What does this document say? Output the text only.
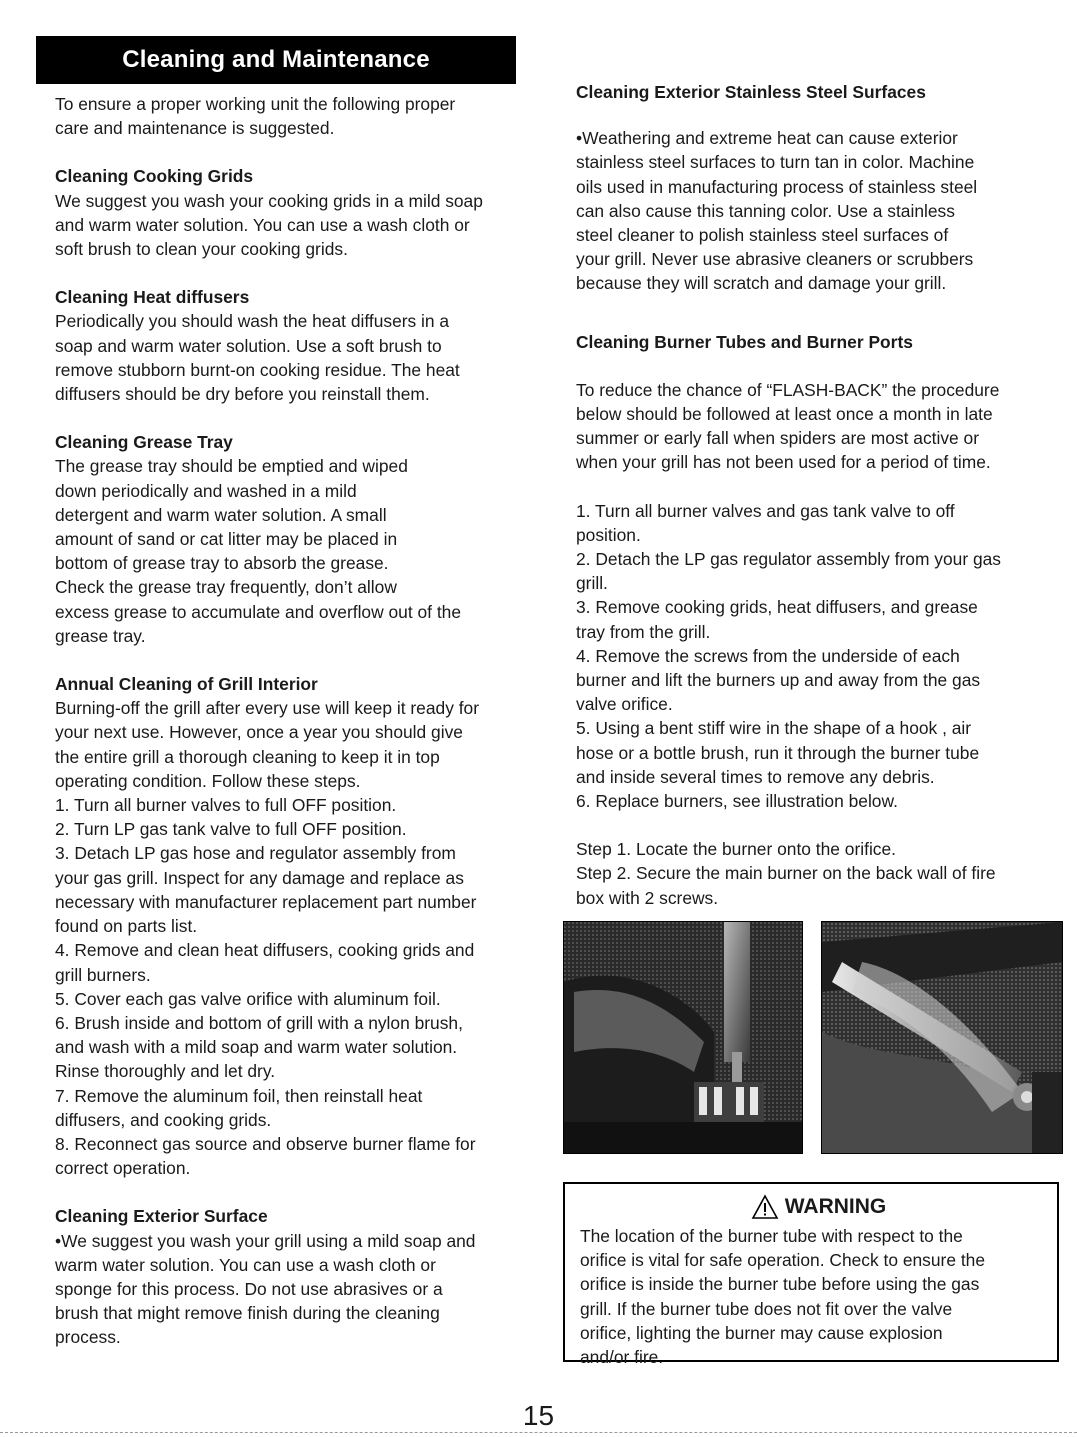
Cleaning and Maintenance

To ensure a proper working unit the following proper
care and maintenance is suggested.

Cleaning Cooking Grids

We suggest you wash your cooking grids in a mild soap
and warm water solution. You can use a wash cloth or
soft brush to clean your cooking grids.

Cleaning Heat diffusers

Periodically you should wash the heat diffusers in a
soap and warm water solution. Use a soft brush to
remove stubborn burnt-on cooking residue. The heat
diffusers should be dry before you reinstall them.

Cleaning Grease Tray

The grease tray should be emptied and wiped
down periodically and washed in a mild
detergent and warm water solution. A small
amount of sand or cat litter may be placed in
bottom of grease tray to absorb the grease.
Check the grease tray frequently, don’t allow
excess grease to accumulate and overflow out of the
grease tray.

Annual Cleaning of Grill Interior

Burning-off the grill after every use will keep it ready for
your next use. However, once a year you should give
the entire grill a thorough cleaning to keep it in top
operating condition. Follow these steps.

1. Turn all burner valves to full OFF position.
2. Turn LP gas tank valve to full OFF position.
3. Detach LP gas hose and regulator assembly from
your gas grill. Inspect for any damage and replace as
necessary with manufacturer replacement part number
found on parts list.
4. Remove and clean heat diffusers, cooking grids and
grill burners.
5. Cover each gas valve orifice with aluminum foil.
6. Brush inside and bottom of grill with a nylon brush,
and wash with a mild soap and warm water solution.
Rinse thoroughly and let dry.
7. Remove the aluminum foil, then reinstall heat
diffusers, and cooking grids.
8. Reconnect gas source and observe burner flame for
correct operation.

Cleaning Exterior Surface

•We suggest you wash your grill using a mild soap and
warm water solution. You can use a wash cloth or
sponge for this process. Do not use abrasives or a
brush that might remove finish during the cleaning
process.

Cleaning Exterior Stainless Steel Surfaces

•Weathering and extreme heat can cause exterior
stainless steel surfaces to turn tan in color. Machine
oils used in manufacturing process of stainless steel
can also cause this tanning color. Use a stainless
steel cleaner to polish stainless steel surfaces of
your grill. Never use abrasive cleaners or scrubbers
because they will scratch and damage your grill.

Cleaning Burner Tubes and Burner Ports

To reduce the chance of “FLASH-BACK” the procedure
below should be followed at least once a month in late
summer or early fall when spiders are most active or
when your grill has not been used for a period of time.

1. Turn all burner valves and gas tank valve to off
position.
2. Detach the LP gas regulator assembly from your gas
grill.
3. Remove cooking grids, heat diffusers, and grease
tray from the grill.
4. Remove the screws from the underside of each
burner and lift the burners up and away from the gas
valve orifice.
5. Using a bent stiff wire in the shape of a hook , air
hose or a bottle brush, run it through the burner tube
and inside several times to remove any debris.
6. Replace burners, see illustration below.
Step 1. Locate the burner onto the orifice.
Step 2. Secure the main burner on the back wall of fire
box with 2 screws.
WARNING

The location of the burner tube with respect to the
orifice is vital for safe operation. Check to ensure the
orifice is inside the burner tube before using the gas
grill. If the burner tube does not fit over the valve
orifice, lighting the burner may cause explosion
and/or fire.

15
